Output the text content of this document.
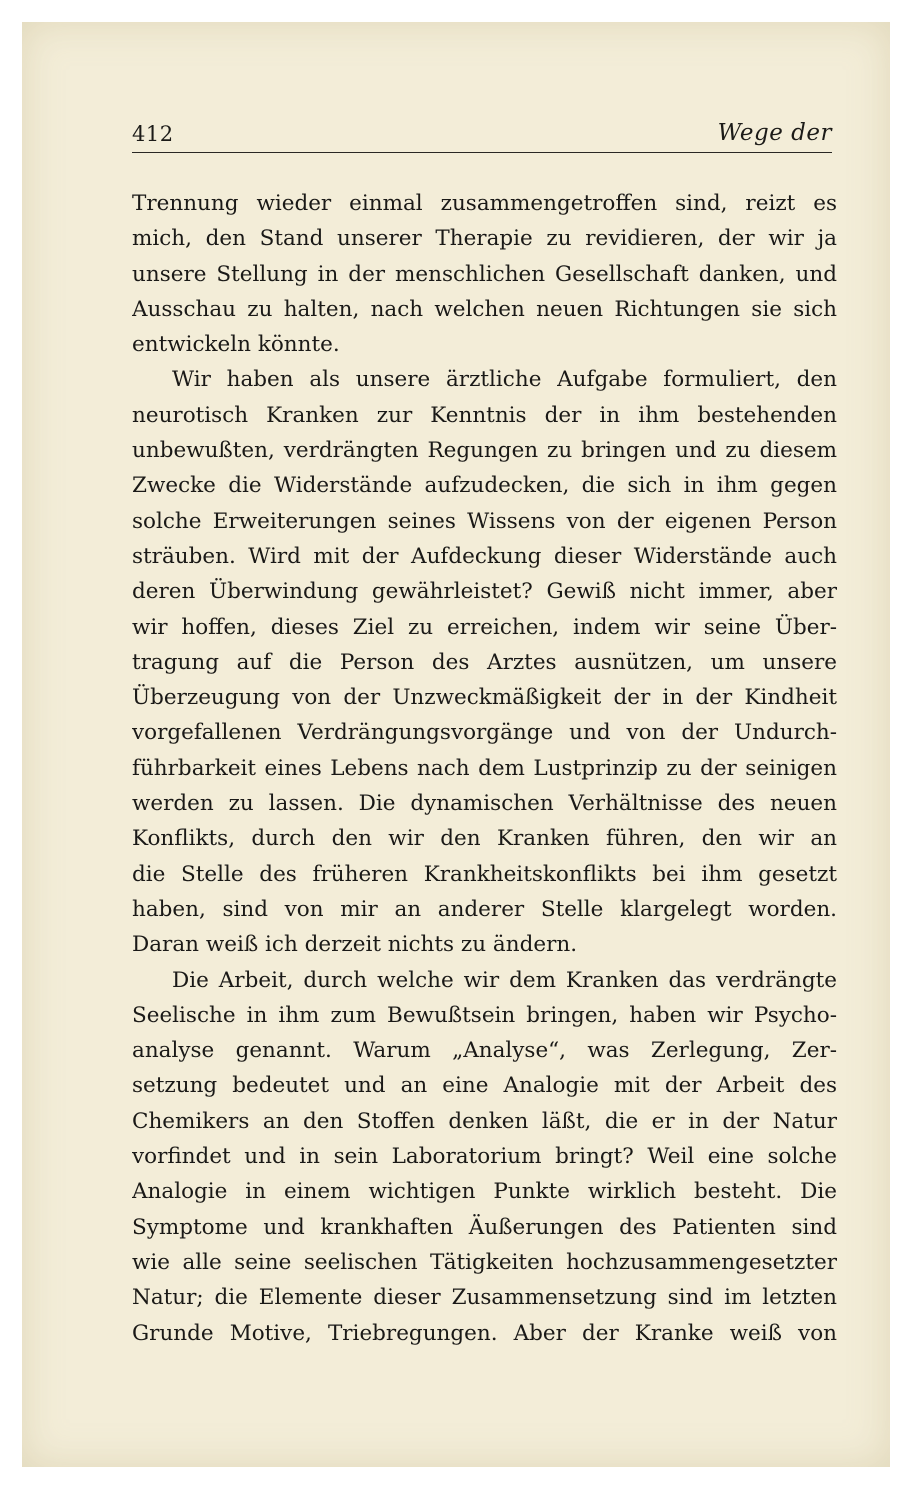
412	Wege der
Trennung wieder einmal zusammengetroffen sind, reizt es
mich, den Stand unserer Therapie zu revidieren, der wir ja
unsere Stellung in der menschlichen Gesellschaft danken, und
Ausschau zu halten, nach welchen neuen Richtungen sie sich
entwickeln könnte.
Wir haben als unsere ärztliche Aufgabe formuliert, den
neurotisch Kranken zur Kenntnis der in ihm bestehenden
unbewußten, verdrängten Regungen zu bringen und zu diesem
Zwecke die Widerstände aufzudecken, die sich in ihm gegen
solche Erweiterungen seines Wissens von der eigenen Person
sträuben. Wird mit der Aufdeckung dieser Widerstände auch
deren Überwindung gewährleistet? Gewiß nicht immer, aber
wir hoffen, dieses Ziel zu erreichen, indem wir seine Über-
tragung auf die Person des Arztes ausnützen, um unsere
Überzeugung von der Unzweckmäßigkeit der in der Kindheit
vorgefallenen Verdrängungsvorgänge und von der Undurch-
führbarkeit eines Lebens nach dem Lustprinzip zu der seinigen
werden zu lassen. Die dynamischen Verhältnisse des neuen
Konflikts, durch den wir den Kranken führen, den wir an
die Stelle des früheren Krankheitskonflikts bei ihm gesetzt
haben, sind von mir an anderer Stelle klargelegt worden.
Daran weiß ich derzeit nichts zu ändern.
Die Arbeit, durch welche wir dem Kranken das verdrängte
Seelische in ihm zum Bewußtsein bringen, haben wir Psycho-
analyse genannt. Warum „Analyse“, was Zerlegung, Zer-
setzung bedeutet und an eine Analogie mit der Arbeit des
Chemikers an den Stoffen denken läßt, die er in der Natur
vorfindet und in sein Laboratorium bringt? Weil eine solche
Analogie in einem wichtigen Punkte wirklich besteht. Die
Symptome und krankhaften Äußerungen des Patienten sind
wie alle seine seelischen Tätigkeiten hochzusammengesetzter
Natur; die Elemente dieser Zusammensetzung sind im letzten
Grunde Motive, Triebregungen. Aber der Kranke weiß von
